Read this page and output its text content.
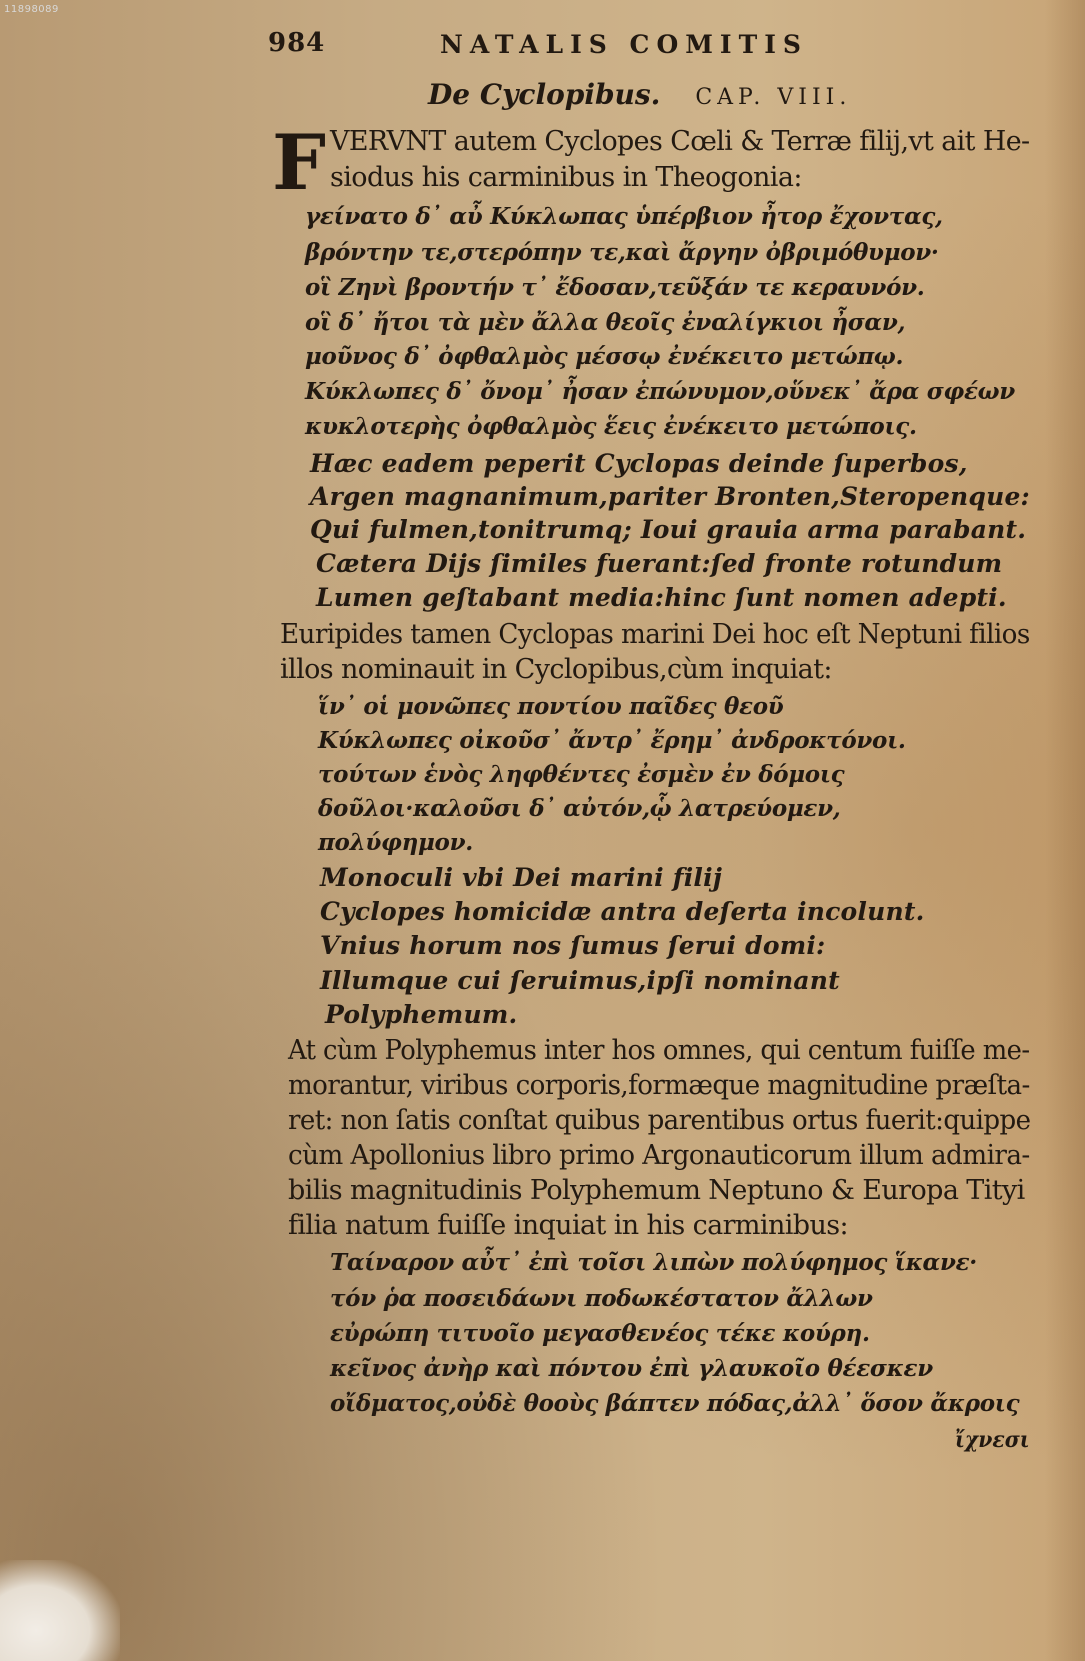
11898089
984	NATALIS COMITIS
De Cyclopibus. CAP. VIII.
F VERVNT autem Cyclopes Cœli & Terræ filij,vt ait He-

siodus his carminibus in Theogonia:

γείνατο δ᾽ αὖ Κύκλωπας ὑπέρβιον ἦτορ ἔχοντας,

βρόντην τε,στερόπην τε,καὶ ἄργην ὀβριμόθυμον·

οἳ Ζηνὶ βροντήν τ᾽ ἔδοσαν,τεῦξάν τε κεραυνόν.

οἳ δ᾽ ἤτοι τὰ μὲν ἄλλα θεοῖς ἐναλίγκιοι ἦσαν,

μοῦνος δ᾽ ὀφθαλμὸς μέσσῳ ἐνέκειτο μετώπῳ.

Κύκλωπες δ᾽ ὄνομ᾽ ἦσαν ἐπώνυμον,οὕνεκ᾽ ἄρα σφέων

κυκλοτερὴς ὀφθαλμὸς ἕεις ἐνέκειτο μετώποις.

Hæc eadem peperit Cyclopas deinde ſuperbos,

Argen magnanimum,pariter Bronten,Steropenque:

Qui fulmen,tonitrumq; Ioui grauia arma parabant.

Cætera Dijs ſimiles fuerant:ſed fronte rotundum

Lumen geſtabant media:hinc ſunt nomen adepti.

Euripides tamen Cyclopas marini Dei hoc eſt Neptuni filios

illos nominauit in Cyclopibus,cùm inquiat:

ἵν᾽ οἱ μονῶπες ποντίου παῖδες θεοῦ

Κύκλωπες οἰκοῦσ᾽ ἄντρ᾽ ἔρημ᾽ ἀνδροκτόνοι.

τούτων ἑνὸς ληφθέντες ἐσμὲν ἐν δόμοις

δοῦλοι·καλοῦσι δ᾽ αὐτόν,ᾧ λατρεύομεν,

πολύφημον.

Monoculi vbi Dei marini filij

Cyclopes homicidæ antra deſerta incolunt.

Vnius horum nos ſumus ſerui domi:

Illumque cui ſeruimus,ipſi nominant

Polyphemum.

At cùm Polyphemus inter hos omnes, qui centum fuiſſe me-

morantur, viribus corporis,formæque magnitudine præſta-

ret: non ſatis conſtat quibus parentibus ortus fuerit:quippe

cùm Apollonius libro primo Argonauticorum illum admira-

bilis magnitudinis Polyphemum Neptuno & Europa Tityi

filia natum fuiſſe inquiat in his carminibus:

Ταίναρον αὖτ᾽ ἐπὶ τοῖσι λιπὼν πολύφημος ἵκανε·

τόν ῥα ποσειδάωνι ποδωκέστατον ἄλλων

εὐρώπη τιτυοῖο μεγασθενέος τέκε κούρη.

κεῖνος ἀνὴρ καὶ πόντου ἐπὶ γλαυκοῖο θέεσκεν

οἴδματος,οὐδὲ θοοὺς βάπτεν πόδας,ἀλλ᾽ ὅσον ἄκροις

ἴχνεσι
